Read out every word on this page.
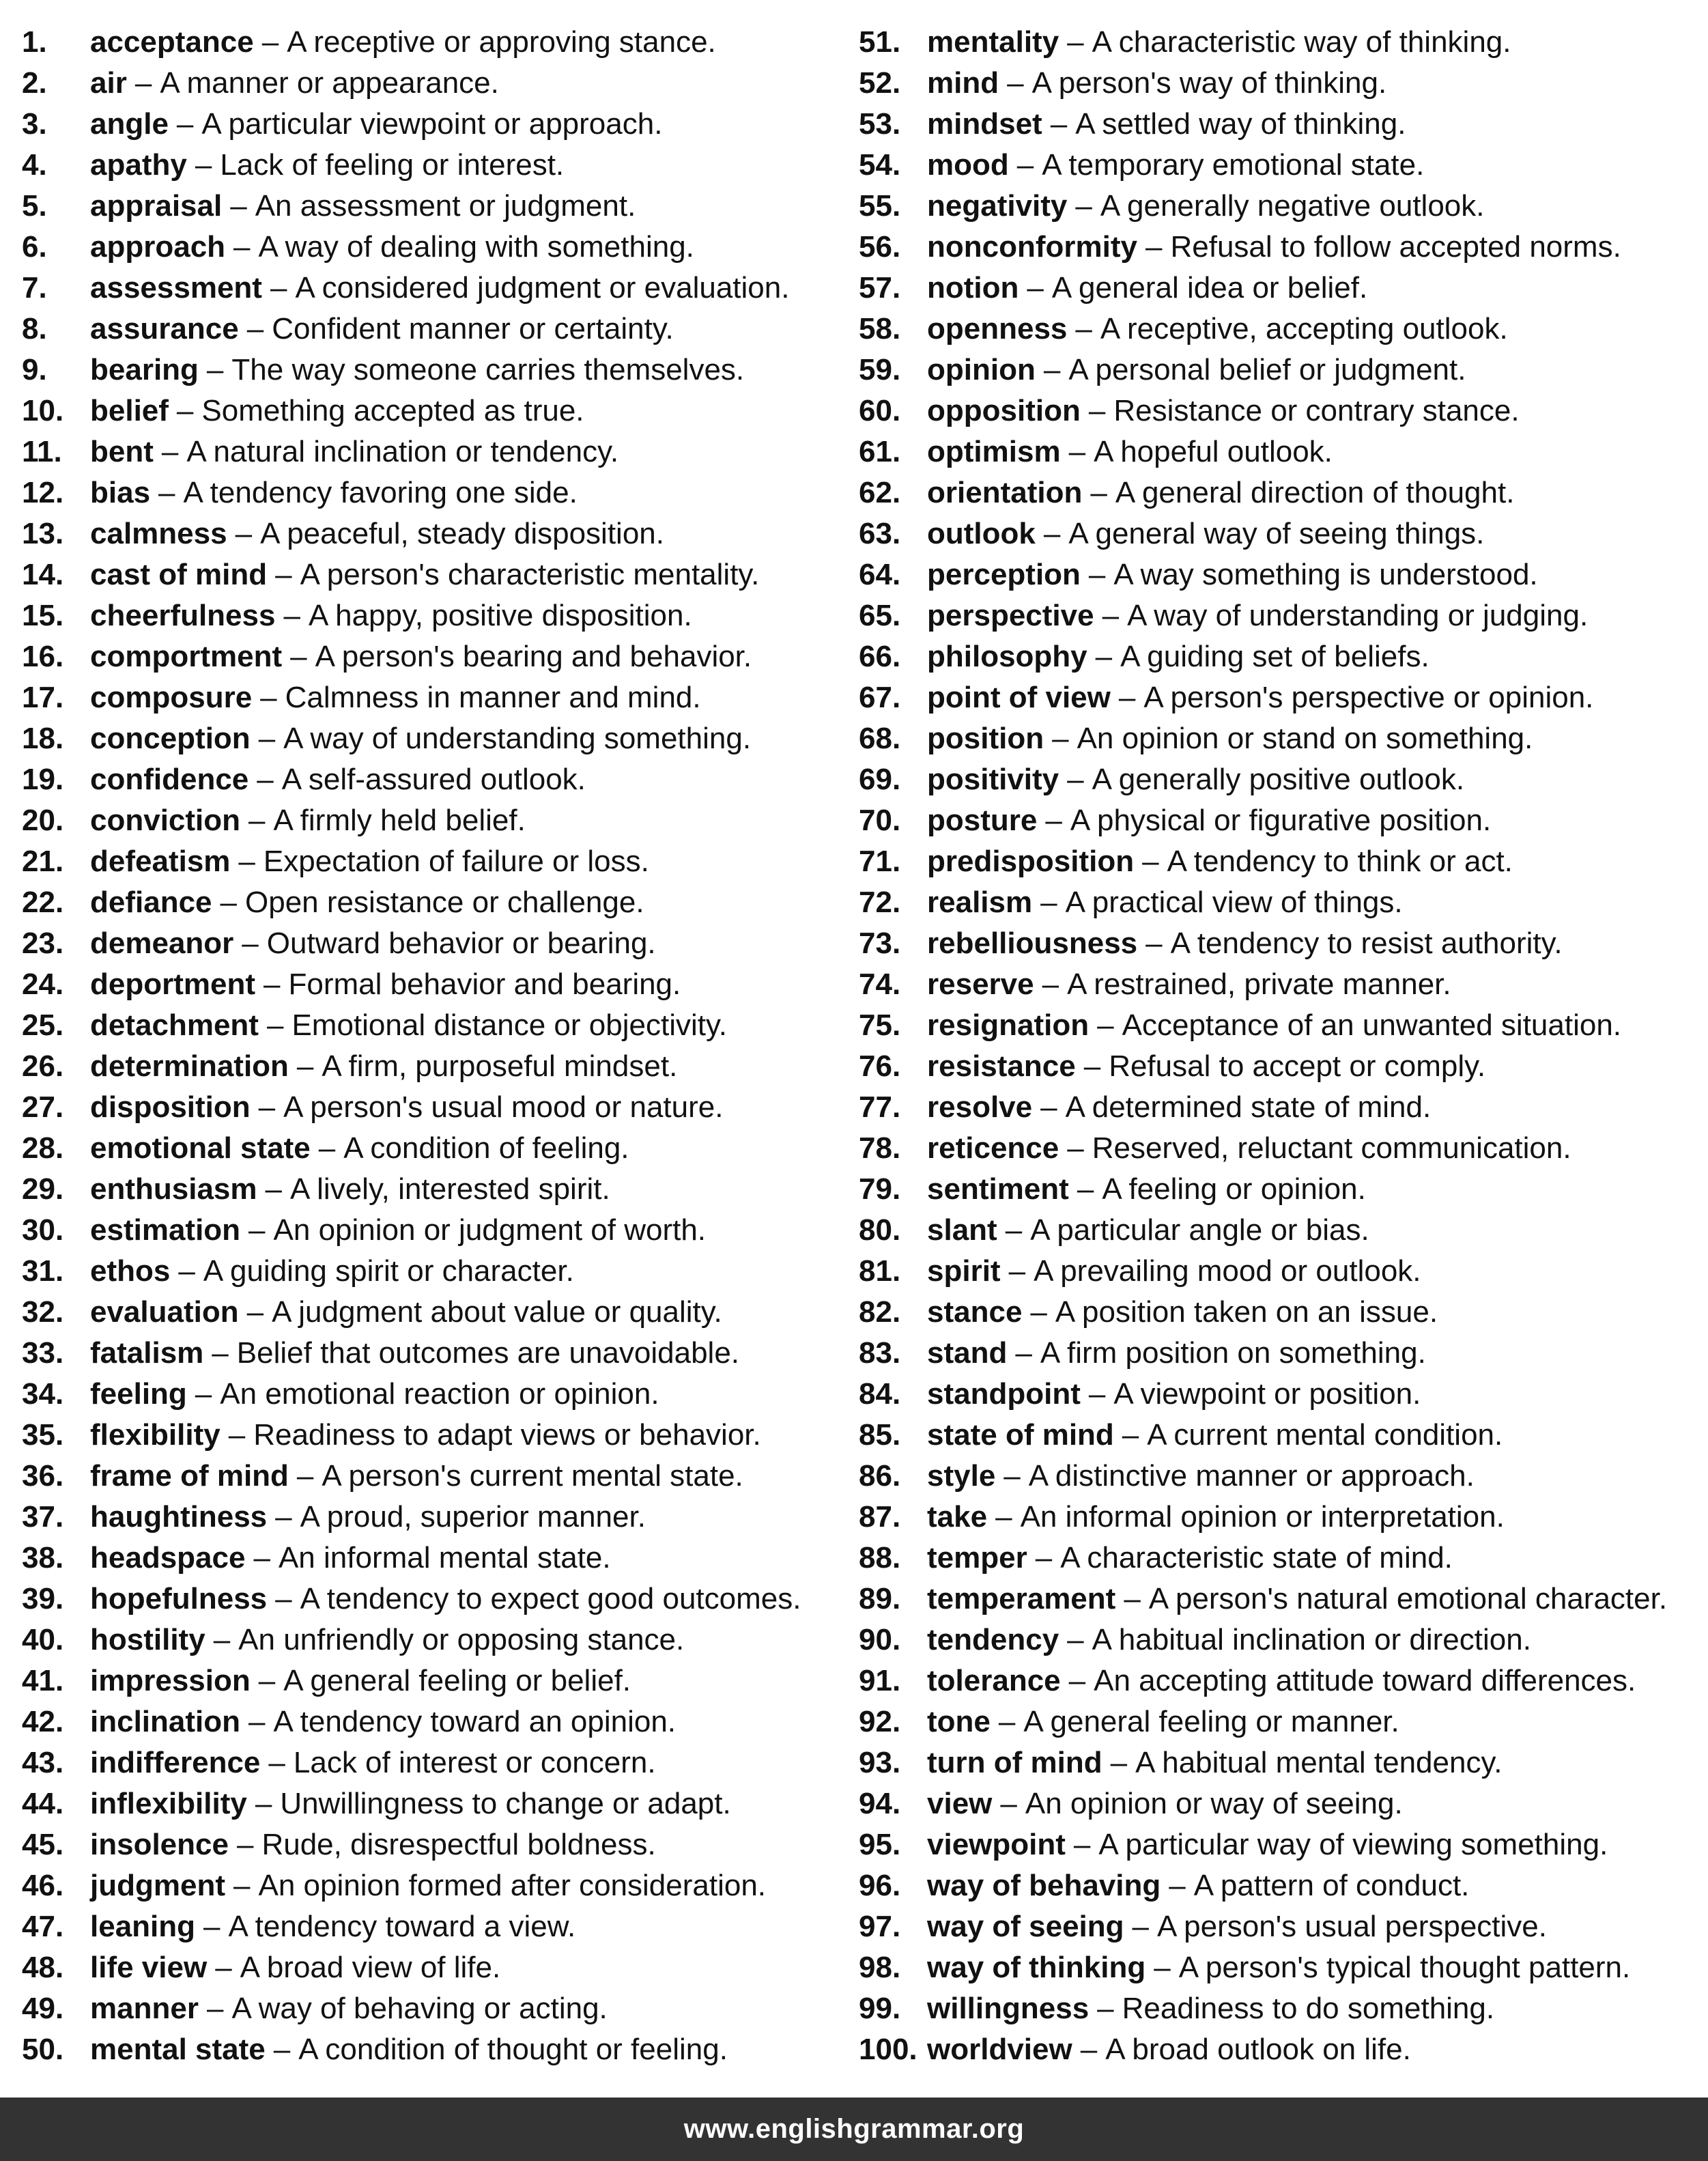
1.	acceptance – A receptive or approving stance.
2.	air – A manner or appearance.
3.	angle – A particular viewpoint or approach.
4.	apathy – Lack of feeling or interest.
5.	appraisal – An assessment or judgment.
6.	approach – A way of dealing with something.
7.	assessment – A considered judgment or evaluation.
8.	assurance – Confident manner or certainty.
9.	bearing – The way someone carries themselves.
10. belief – Something accepted as true.
11. bent – A natural inclination or tendency.
12. bias – A tendency favoring one side.
13. calmness – A peaceful, steady disposition.
14. cast of mind – A person's characteristic mentality.
15. cheerfulness – A happy, positive disposition.
16. comportment – A person's bearing and behavior.
17. composure – Calmness in manner and mind.
18. conception – A way of understanding something.
19. confidence – A self-assured outlook.
20. conviction – A firmly held belief.
21. defeatism – Expectation of failure or loss.
22. defiance – Open resistance or challenge.
23. demeanor – Outward behavior or bearing.
24. deportment – Formal behavior and bearing.
25. detachment – Emotional distance or objectivity.
26. determination – A firm, purposeful mindset.
27. disposition – A person's usual mood or nature.
28. emotional state – A condition of feeling.
29. enthusiasm – A lively, interested spirit.
30. estimation – An opinion or judgment of worth.
31. ethos – A guiding spirit or character.
32. evaluation – A judgment about value or quality.
33. fatalism – Belief that outcomes are unavoidable.
34. feeling – An emotional reaction or opinion.
35. flexibility – Readiness to adapt views or behavior.
36. frame of mind – A person's current mental state.
37. haughtiness – A proud, superior manner.
38. headspace – An informal mental state.
39. hopefulness – A tendency to expect good outcomes.
40. hostility – An unfriendly or opposing stance.
41. impression – A general feeling or belief.
42. inclination – A tendency toward an opinion.
43. indifference – Lack of interest or concern.
44. inflexibility – Unwillingness to change or adapt.
45. insolence – Rude, disrespectful boldness.
46. judgment – An opinion formed after consideration.
47. leaning – A tendency toward a view.
48. life view – A broad view of life.
49. manner – A way of behaving or acting.
50. mental state – A condition of thought or feeling.
51. mentality – A characteristic way of thinking.
52. mind – A person's way of thinking.
53. mindset – A settled way of thinking.
54. mood – A temporary emotional state.
55. negativity – A generally negative outlook.
56. nonconformity – Refusal to follow accepted norms.
57. notion – A general idea or belief.
58. openness – A receptive, accepting outlook.
59. opinion – A personal belief or judgment.
60. opposition – Resistance or contrary stance.
61. optimism – A hopeful outlook.
62. orientation – A general direction of thought.
63. outlook – A general way of seeing things.
64. perception – A way something is understood.
65. perspective – A way of understanding or judging.
66. philosophy – A guiding set of beliefs.
67. point of view – A person's perspective or opinion.
68. position – An opinion or stand on something.
69. positivity – A generally positive outlook.
70. posture – A physical or figurative position.
71. predisposition – A tendency to think or act.
72. realism – A practical view of things.
73. rebelliousness – A tendency to resist authority.
74. reserve – A restrained, private manner.
75. resignation – Acceptance of an unwanted situation.
76. resistance – Refusal to accept or comply.
77. resolve – A determined state of mind.
78. reticence – Reserved, reluctant communication.
79. sentiment – A feeling or opinion.
80. slant – A particular angle or bias.
81. spirit – A prevailing mood or outlook.
82. stance – A position taken on an issue.
83. stand – A firm position on something.
84. standpoint – A viewpoint or position.
85. state of mind – A current mental condition.
86. style – A distinctive manner or approach.
87. take – An informal opinion or interpretation.
88. temper – A characteristic state of mind.
89. temperament – A person's natural emotional character.
90. tendency – A habitual inclination or direction.
91. tolerance – An accepting attitude toward differences.
92. tone – A general feeling or manner.
93. turn of mind – A habitual mental tendency.
94. view – An opinion or way of seeing.
95. viewpoint – A particular way of viewing something.
96. way of behaving – A pattern of conduct.
97. way of seeing – A person's usual perspective.
98. way of thinking – A person's typical thought pattern.
99. willingness – Readiness to do something.
100. worldview – A broad outlook on life.
www.englishgrammar.org
